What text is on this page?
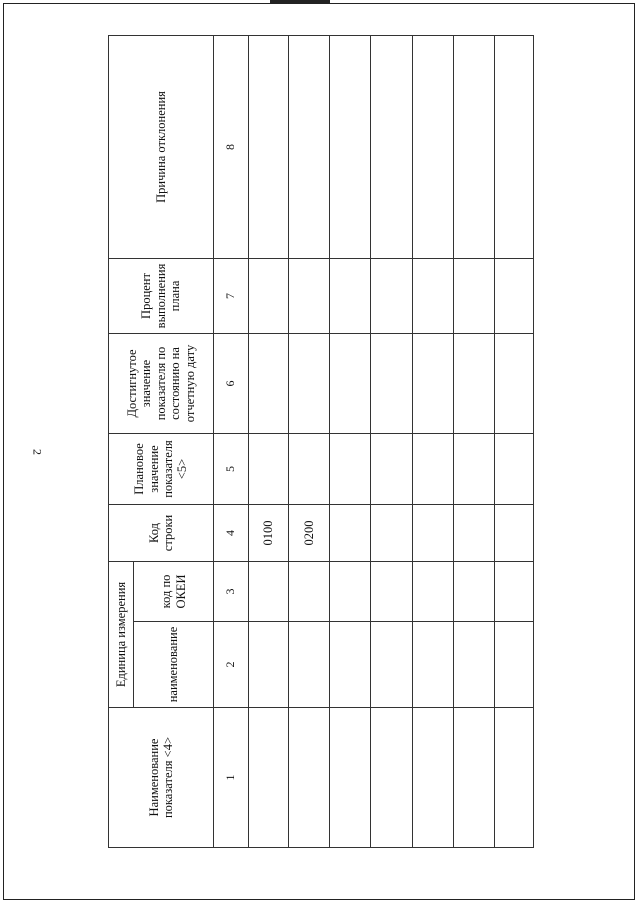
2
Наименование показателя <4>	Единица измерения		Код строки	Плановое значение показателя <5>	Достигнутое значение показателя по состоянию на отчетную дату	Процент выполнения плана	Причина отклонения
	наименование	код по ОКЕИ					
1	2	3	4	5	6	7	8
			0100				
			0200				
